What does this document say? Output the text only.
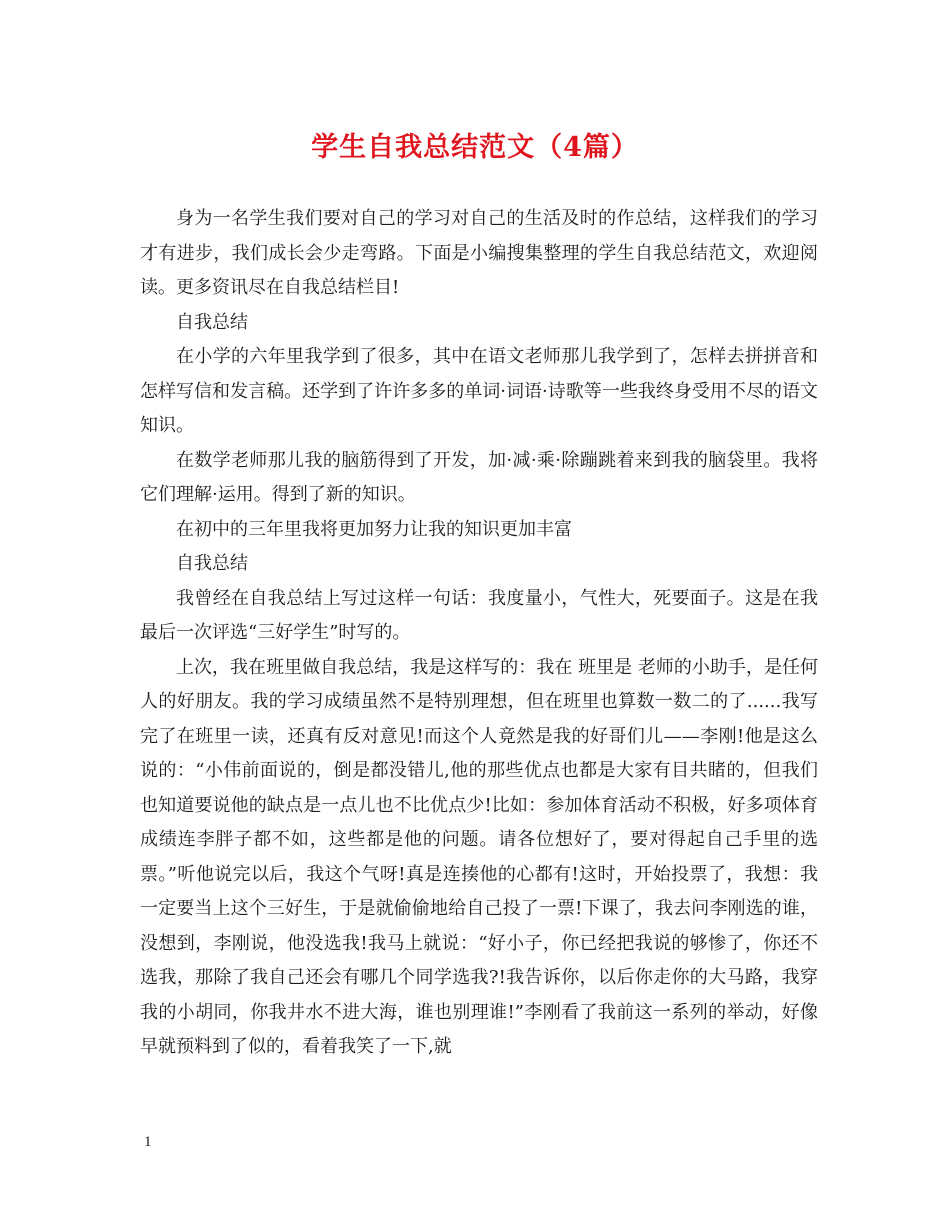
学生自我总结范文（4篇）

身为一名学生我们要对自己的学习对自己的生活及时的作总结，这样我们的学习才有进步，我们成长会少走弯路。下面是小编搜集整理的学生自我总结范文，欢迎阅读。更多资讯尽在自我总结栏目!

自我总结

在小学的六年里我学到了很多，其中在语文老师那儿我学到了，怎样去拼拼音和怎样写信和发言稿。还学到了许许多多的单词·词语·诗歌等一些我终身受用不尽的语文知识。

在数学老师那儿我的脑筋得到了开发，加·减·乘·除蹦跳着来到我的脑袋里。我将它们理解·运用。得到了新的知识。

在初中的三年里我将更加努力让我的知识更加丰富

自我总结

我曾经在自我总结上写过这样一句话：我度量小，气性大，死要面子。这是在我最后一次评选“三好学生”时写的。

上次，我在班里做自我总结，我是这样写的：我在 班里是 老师的小助手，是任何人的好朋友。我的学习成绩虽然不是特别理想，但在班里也算数一数二的了......我写完了在班里一读，还真有反对意见!而这个人竟然是我的好哥们儿——李刚!他是这么说的：“小伟前面说的，倒是都没错儿,他的那些优点也都是大家有目共睹的，但我们也知道要说他的缺点是一点儿也不比优点少!比如：参加体育活动不积极，好多项体育成绩连李胖子都不如，这些都是他的问题。请各位想好了，要对得起自己手里的选票。”听他说完以后，我这个气呀!真是连揍他的心都有!这时，开始投票了，我想：我一定要当上这个三好生，于是就偷偷地给自己投了一票!下课了，我去问李刚选的谁，没想到，李刚说，他没选我!我马上就说：“好小子，你已经把我说的够惨了，你还不选我，那除了我自己还会有哪几个同学选我?!我告诉你，以后你走你的大马路，我穿我的小胡同，你我井水不进大海，谁也别理谁!”李刚看了我前这一系列的举动，好像早就预料到了似的，看着我笑了一下,就

1
